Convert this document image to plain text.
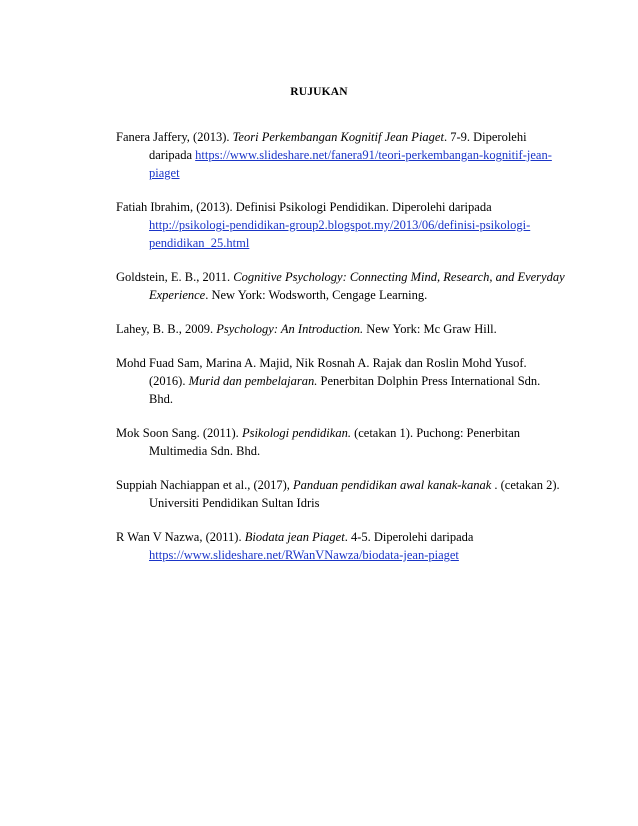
RUJUKAN
Fanera Jaffery, (2013). Teori Perkembangan Kognitif Jean Piaget. 7-9. Diperolehi
daripada https://www.slideshare.net/fanera91/teori-perkembangan-kognitif-jean-
piaget
Fatiah Ibrahim, (2013). Definisi Psikologi Pendidikan. Diperolehi daripada
http://psikologi-pendidikan-group2.blogspot.my/2013/06/definisi-psikologi-
pendidikan_25.html
Goldstein, E. B., 2011. Cognitive Psychology: Connecting Mind, Research, and Everyday
Experience. New York: Wodsworth, Cengage Learning.
Lahey, B. B., 2009. Psychology: An Introduction. New York: Mc Graw Hill.
Mohd Fuad Sam, Marina A. Majid, Nik Rosnah A. Rajak dan Roslin Mohd Yusof.
(2016). Murid dan pembelajaran. Penerbitan Dolphin Press International Sdn.
Bhd.
Mok Soon Sang. (2011). Psikologi pendidikan. (cetakan 1). Puchong: Penerbitan
Multimedia Sdn. Bhd.
Suppiah Nachiappan et al., (2017), Panduan pendidikan awal kanak-kanak . (cetakan 2).
Universiti Pendidikan Sultan Idris
R Wan V Nazwa, (2011). Biodata jean Piaget. 4-5. Diperolehi daripada
https://www.slideshare.net/RWanVNawza/biodata-jean-piaget
